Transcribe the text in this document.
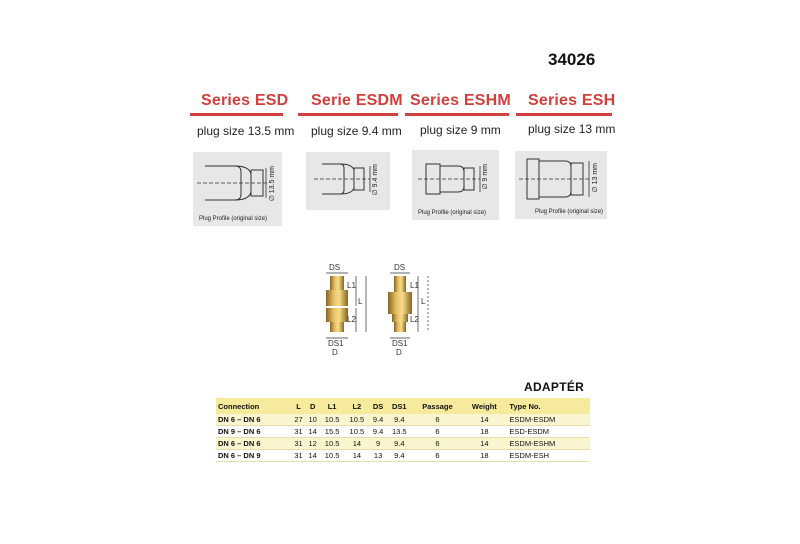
34026
Series ESD Serie ESDM Series ESHM Series ESH
plug size 13.5 mm plug size 9.4 mm plug size 9 mm plug size 13 mm
∅ 13.5 mm
Plug Profile (original size)
∅ 9.4 mm	∅ 9 mm
Plug Profile (original size)
∅ 13 mm
Plug Profile (original size)
DS
L1
L
L2
DS1
D
DS
L1
L
L2
DS1
D
ADAPTÉR
Connection	L	D	L1	L2	DS	DS1	Passage	Weight	Type No.
DN 6 – DN 6	27	10	10.5	10.5	9.4	9.4	6	14	ESDM-ESDM
DN 9 – DN 6	31	14	15.5	10.5	9.4	13.5	6	18	ESD-ESDM
DN 6 – DN 6	31	12	10.5	14	9	9.4	6	14	ESDM-ESHM
DN 6 – DN 9	31	14	10.5	14	13	9.4	6	18	ESDM-ESH
